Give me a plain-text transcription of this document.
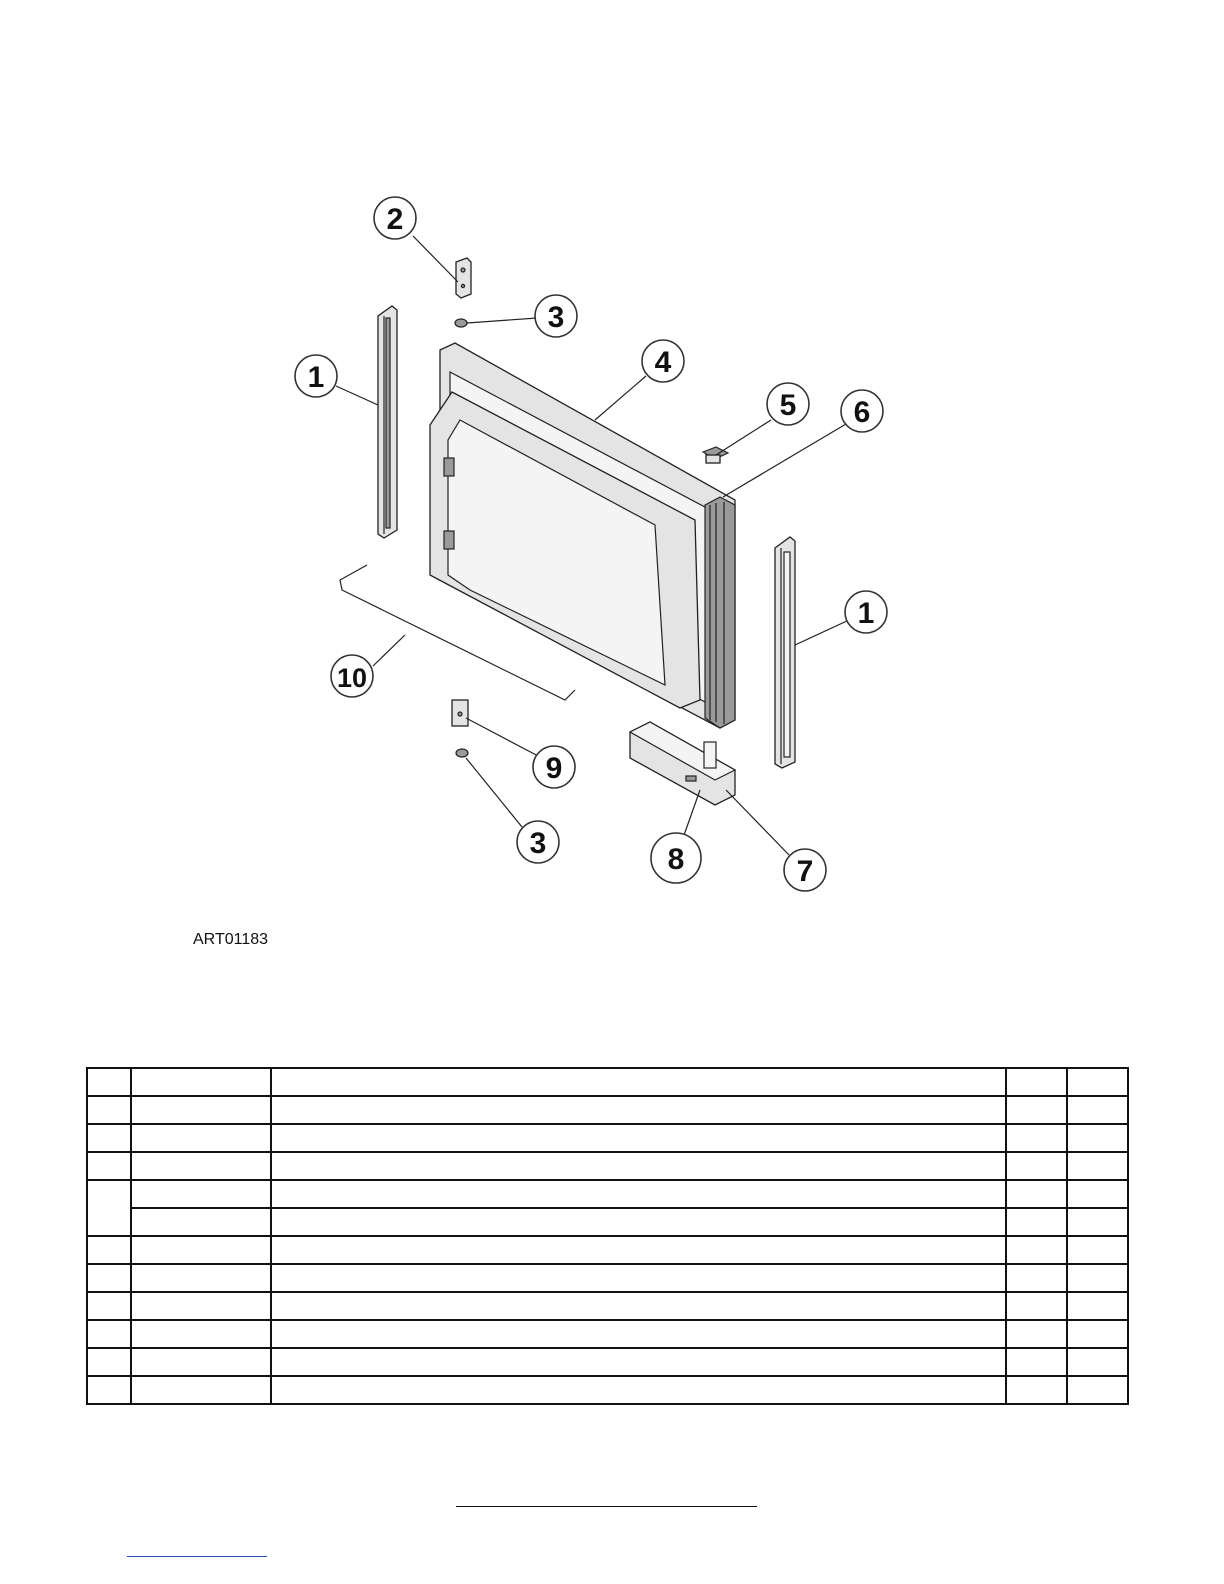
1
1
2
3
3
4
5 6
7
8
9
10
ART01183
